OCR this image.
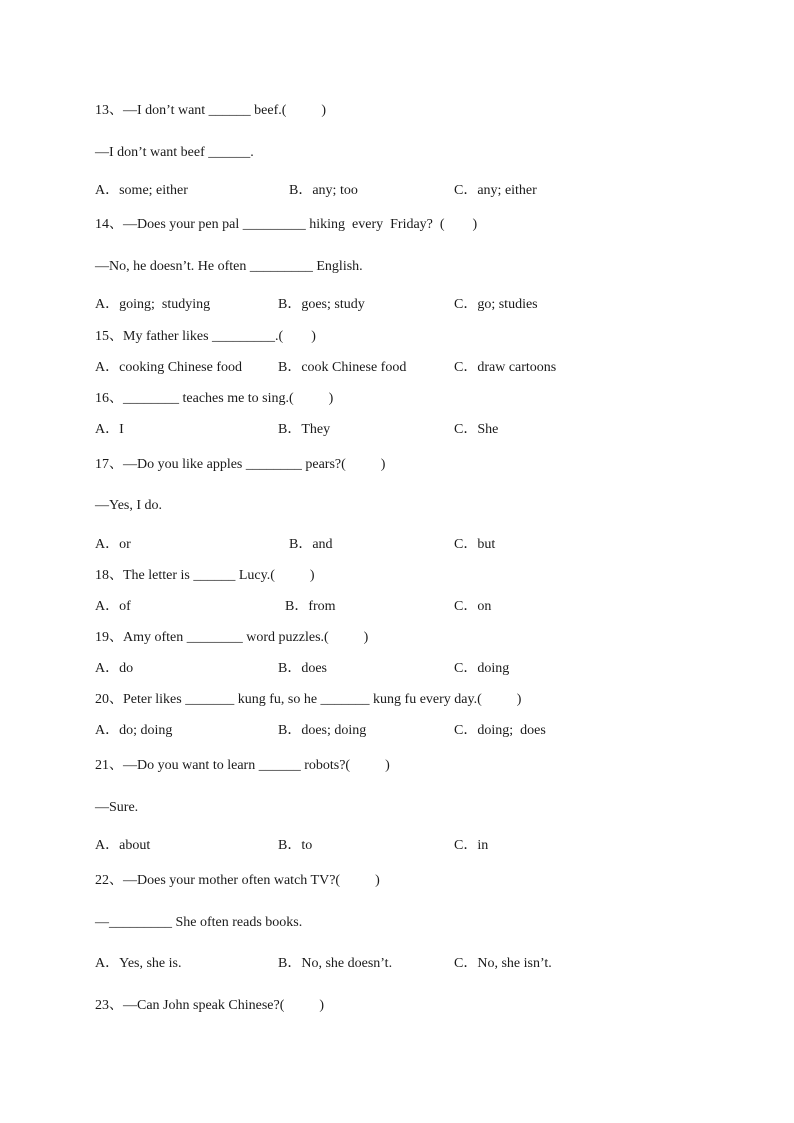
13、—I don’t want ______ beef.(          )
—I don’t want beef ______.
A．some; either	B．any; too	C．any; either
14、—Does your pen pal _________ hiking  every  Friday?  (        )
—No, he doesn’t. He often _________ English.
A．going;  studying	B．goes; study	C．go; studies
15、My father likes _________.(        )
A．cooking Chinese food	B．cook Chinese food	C．draw cartoons
16、________ teaches me to sing.(          )
A．I	B．They	C．She
17、—Do you like apples ________ pears?(          )
—Yes, I do.
A．or	B．and	C．but
18、The letter is ______ Lucy.(          )
A．of	B．from	C．on
19、Amy often ________ word puzzles.(          )
A．do	B．does	C．doing
20、Peter likes _______ kung fu, so he _______ kung fu every day.(          )
A．do; doing	B．does; doing	C．doing;  does
21、—Do you want to learn ______ robots?(          )
—Sure.
A．about	B．to	C．in
22、—Does your mother often watch TV?(          )
—_________ She often reads books.
A．Yes, she is.	B．No, she doesn’t.	C．No, she isn’t.
23、—Can John speak Chinese?(          )
